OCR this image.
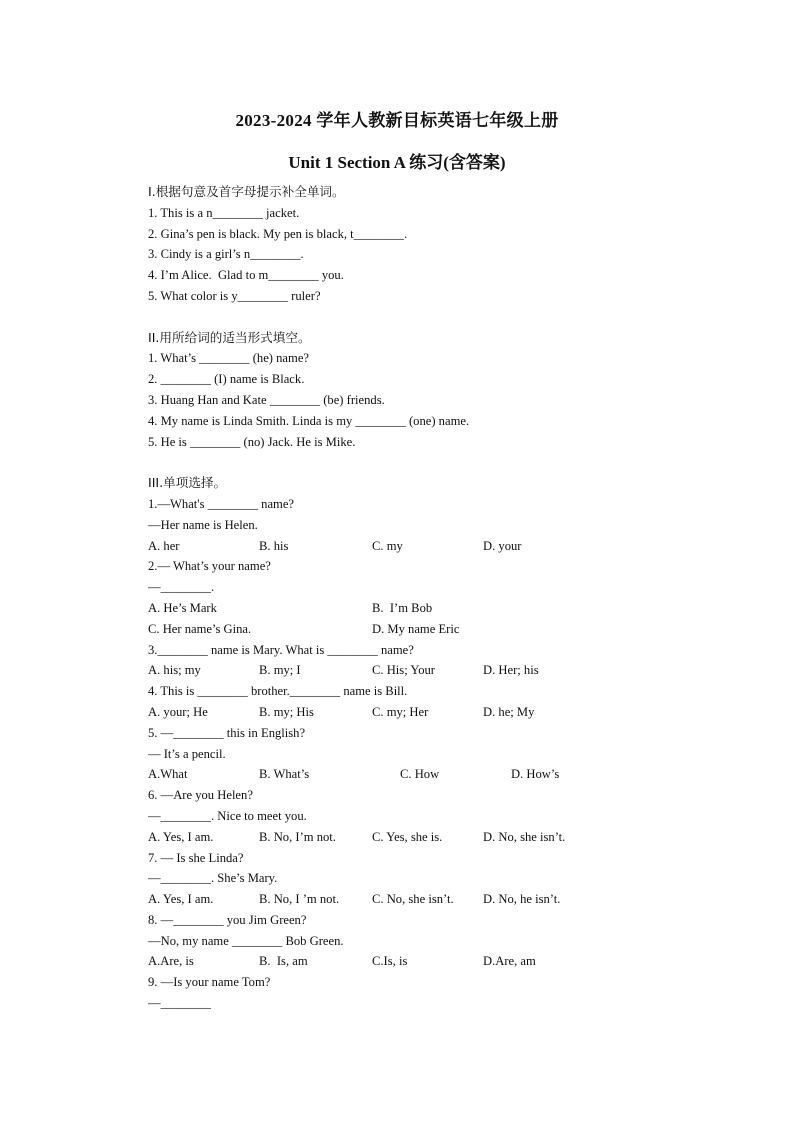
2023-2024 学年人教新目标英语七年级上册
Unit 1 Section A 练习(含答案)
I.根据句意及首字母提示补全单词。
1. This is a n________ jacket.
2. Gina’s pen is black. My pen is black, t________.
3. Cindy is a girl’s n________.
4. I’m Alice.  Glad to m________ you.
5. What color is y________ ruler?
II.用所给词的适当形式填空。
1. What’s ________ (he) name?
2. ________ (I) name is Black.
3. Huang Han and Kate ________ (be) friends.
4. My name is Linda Smith. Linda is my ________ (one) name.
5. He is ________ (no) Jack. He is Mike.
III.单项选择。
1.—What's ________ name?
—Her name is Helen.
A. her	B. his	C. my	D. your
2.— What’s your name?
—________.
A. He’s Mark	B.  I’m Bob
C. Her name’s Gina.	D. My name Eric
3.________ name is Mary. What is ________ name?
A. his; my	B. my; I	C. His; Your	D. Her; his
4. This is ________ brother.________ name is Bill.
A. your; He	B. my; His	C. my; Her	D. he; My
5. —________ this in English?
— It’s a pencil.
A.What	B. What’s	C. How	D. How’s
6. —Are you Helen?
—________. Nice to meet you.
A. Yes, I am.	B. No, I’m not.	C. Yes, she is.	D. No, she isn’t.
7. — Is she Linda?
—________. She’s Mary.
A. Yes, I am.	B. No, I ’m not.	C. No, she isn’t. D. No, he isn’t.
8. —________ you Jim Green?
—No, my name ________ Bob Green.
A.Are, is	B.  Is, am	C.Is, is	D.Are, am
9. —Is your name Tom?
—________
